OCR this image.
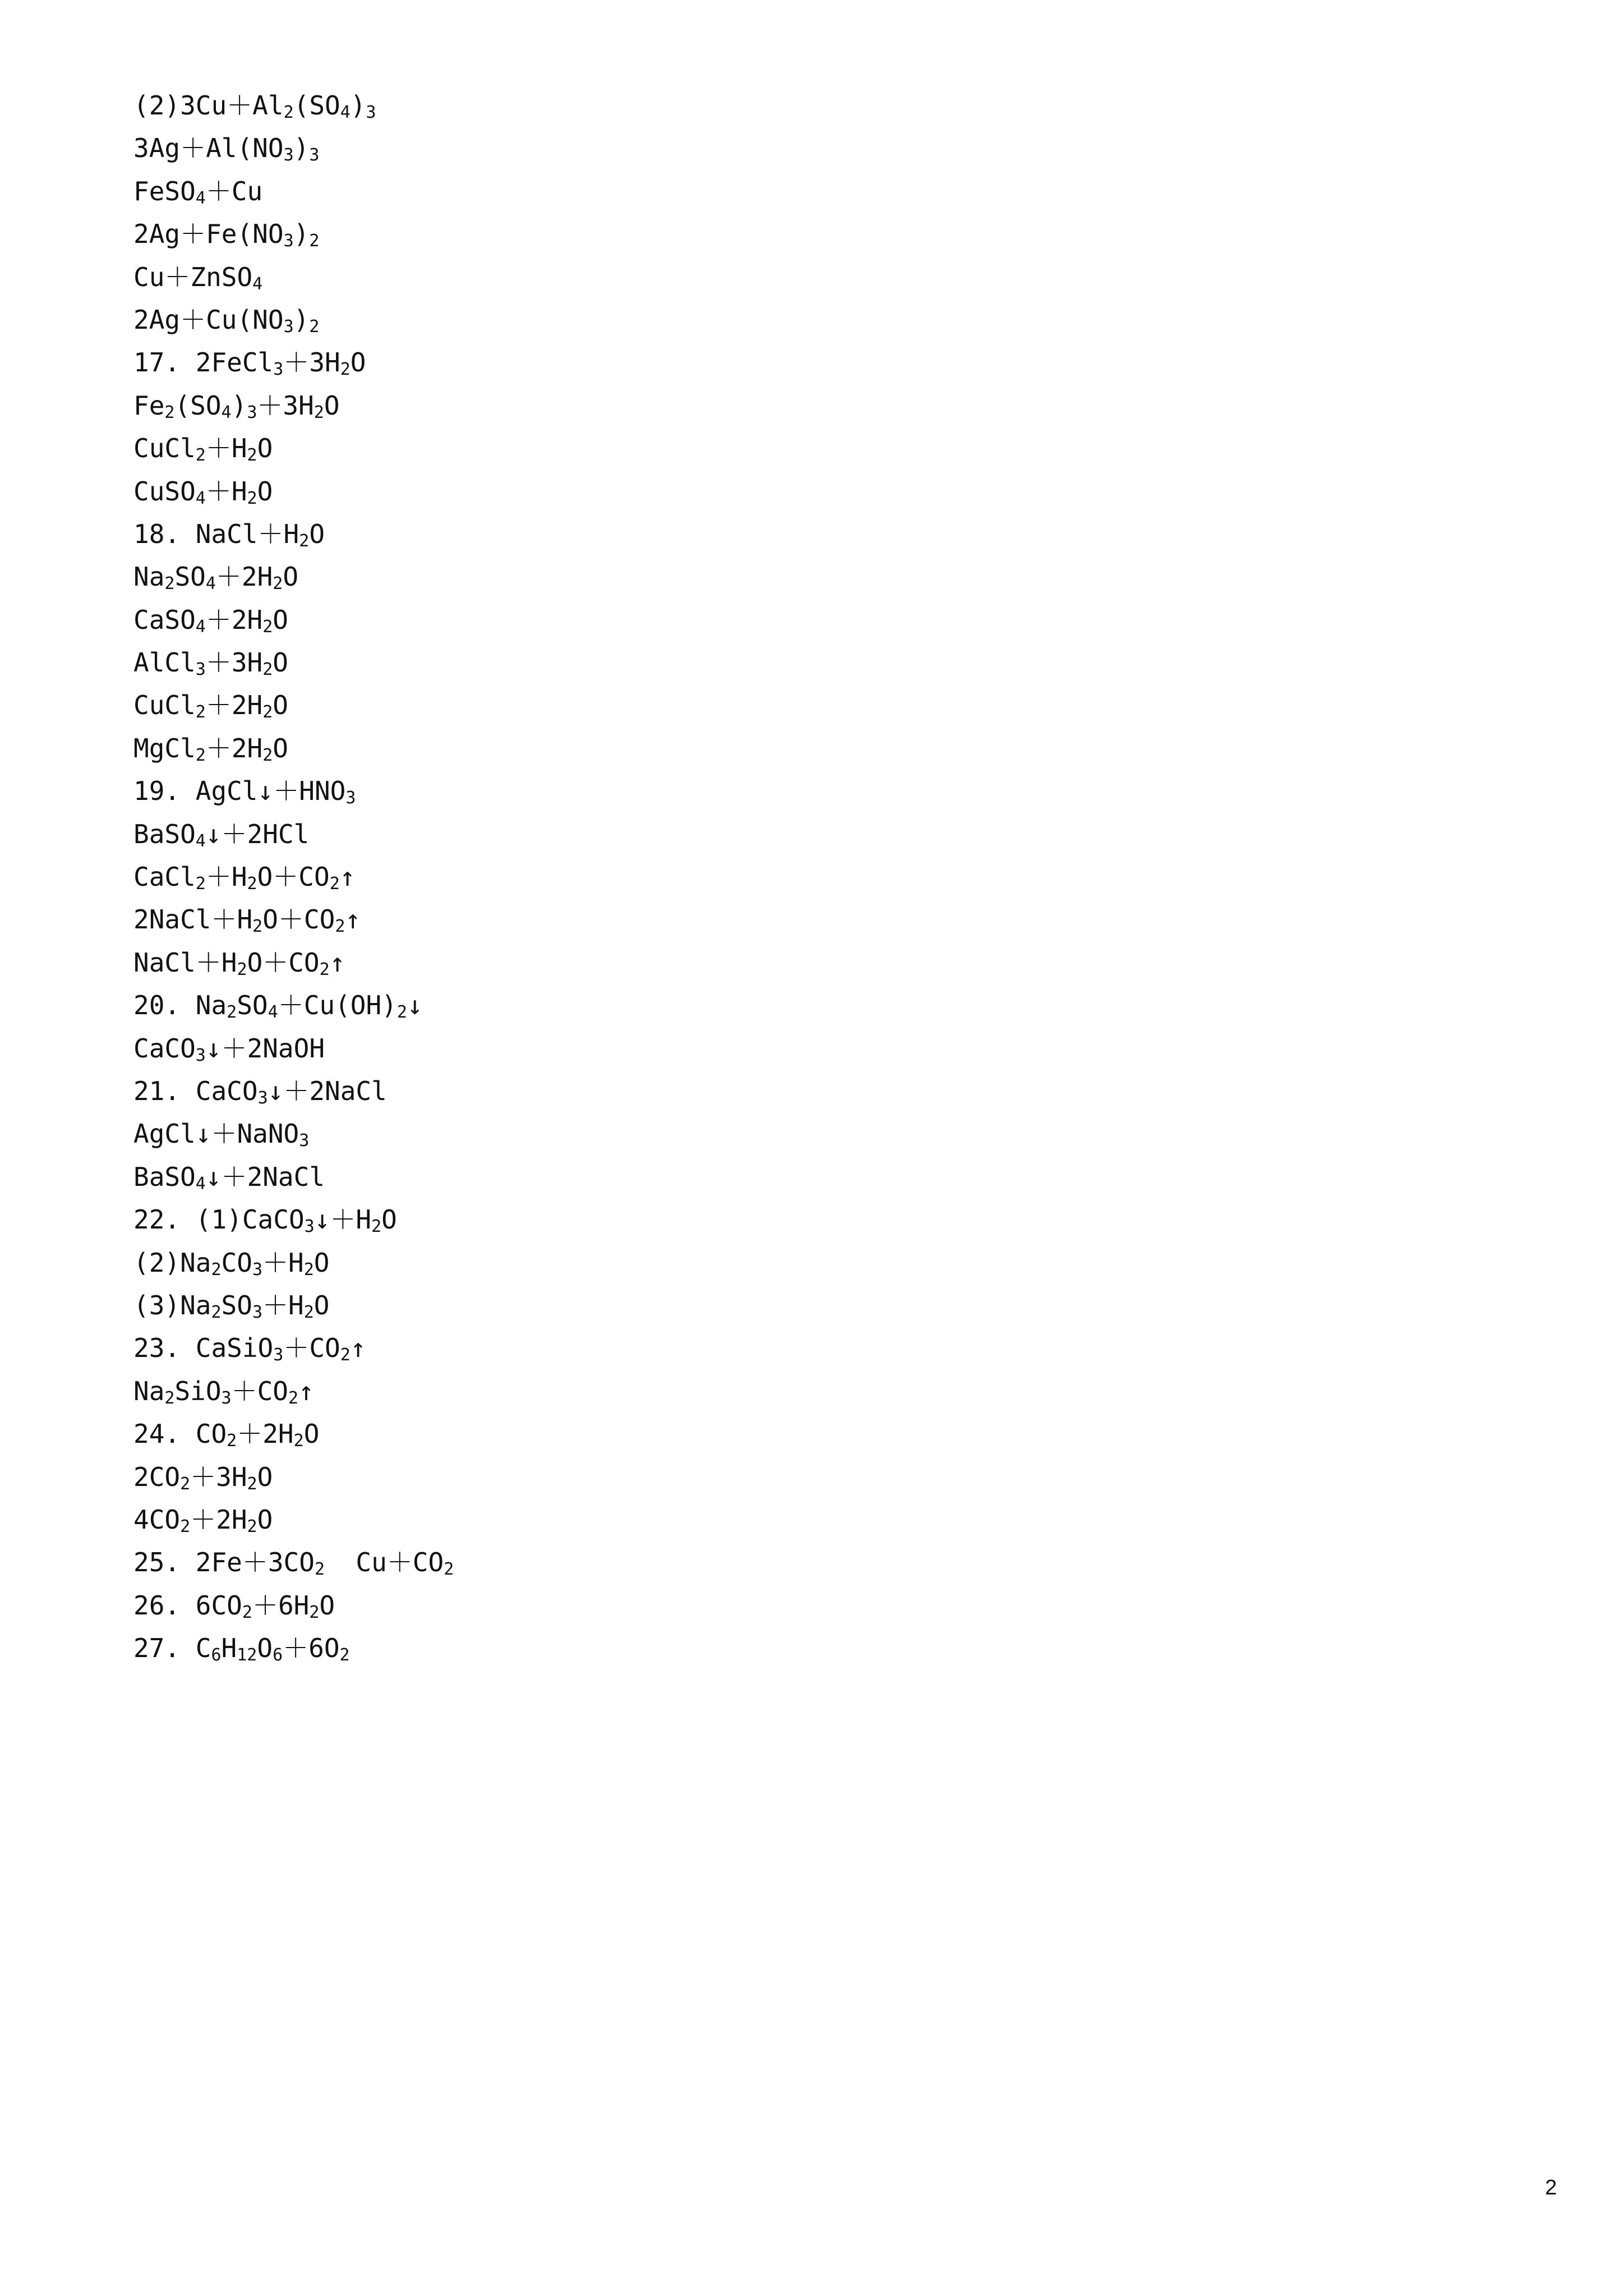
$(2)3Cu+Al_2(SO_4)_3$
$3Ag+Al(NO_3)_3$
FeSO$_4$＋Cu
$2Ag+Fe(NO_3)_2$
Cu＋ZnSO$_4$
$2Ag+Cu(NO_3)_2$
17. $2FeCl_3+3H_2O$
$Fe_2(SO_4)_3+3H_2O$
$CuCl_2+H_2O$
$CuSO_4+H_2O$
18. $NaCl+H_2O$
$Na_2SO_4+2H_2O$
$CaSO_4+2H_2O$
$AlCl_3+3H_2O$
$CuCl_2+2H_2O$
$MgCl_2+2H_2O$
19. $AgCl↓+HNO_3$
BaSO$_4$↓＋2HCl
$CaCl_2+H_2O+CO_2↑$
$2NaCl+H_2O+CO_2↑$
$NaCl+H_2O+CO_2↑$
20. $Na_2SO_4+Cu(OH)_2↓$
CaCO$_3$↓＋2NaOH
21. CaCO$_3$↓＋2NaCl
AgCl↓＋NaNO$_3$
BaSO$_4$↓＋2NaCl
22. $(1)CaCO_3↓+H_2O$
$(2)Na_2CO_3+H_2O$
$(3)Na_2SO_3+H_2O$
23. $CaSiO_3+CO_2↑$
$Na_2SiO_3+CO_2↑$
24. $CO_2+2H_2O$
$2CO_2+3H_2O$
$4CO_2+2H_2O$
25. $2Fe+3CO_2$  $Cu+CO_2$
26. $6CO_2+6H_2O$
27. $C_6H_{12}O_6+6O_2$
2
